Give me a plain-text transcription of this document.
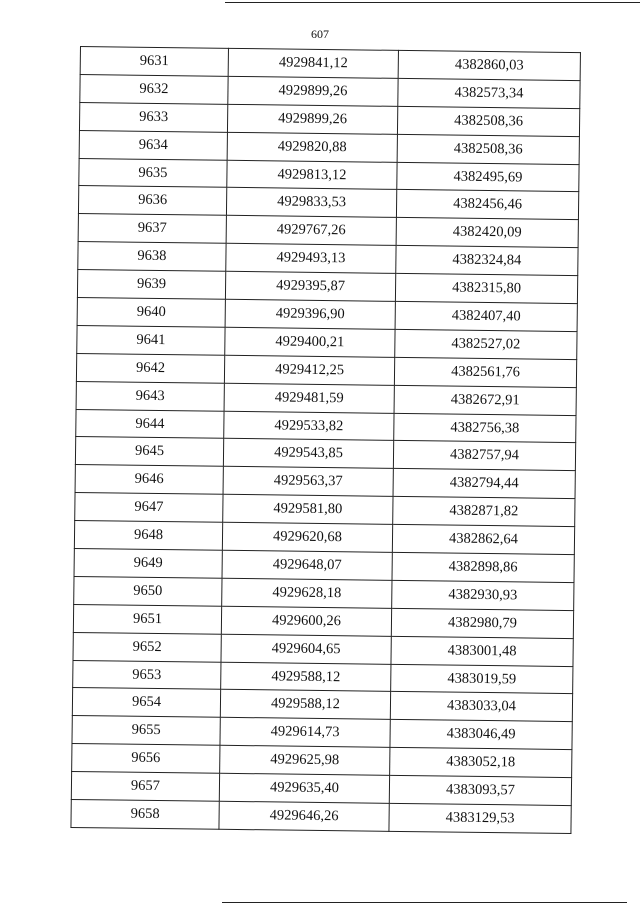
607
9631	4929841,12	4382860,03
9632	4929899,26	4382573,34
9633	4929899,26	4382508,36
9634	4929820,88	4382508,36
9635	4929813,12	4382495,69
9636	4929833,53	4382456,46
9637	4929767,26	4382420,09
9638	4929493,13	4382324,84
9639	4929395,87	4382315,80
9640	4929396,90	4382407,40
9641	4929400,21	4382527,02
9642	4929412,25	4382561,76
9643	4929481,59	4382672,91
9644	4929533,82	4382756,38
9645	4929543,85	4382757,94
9646	4929563,37	4382794,44
9647	4929581,80	4382871,82
9648	4929620,68	4382862,64
9649	4929648,07	4382898,86
9650	4929628,18	4382930,93
9651	4929600,26	4382980,79
9652	4929604,65	4383001,48
9653	4929588,12	4383019,59
9654	4929588,12	4383033,04
9655	4929614,73	4383046,49
9656	4929625,98	4383052,18
9657	4929635,40	4383093,57
9658	4929646,26	4383129,53
